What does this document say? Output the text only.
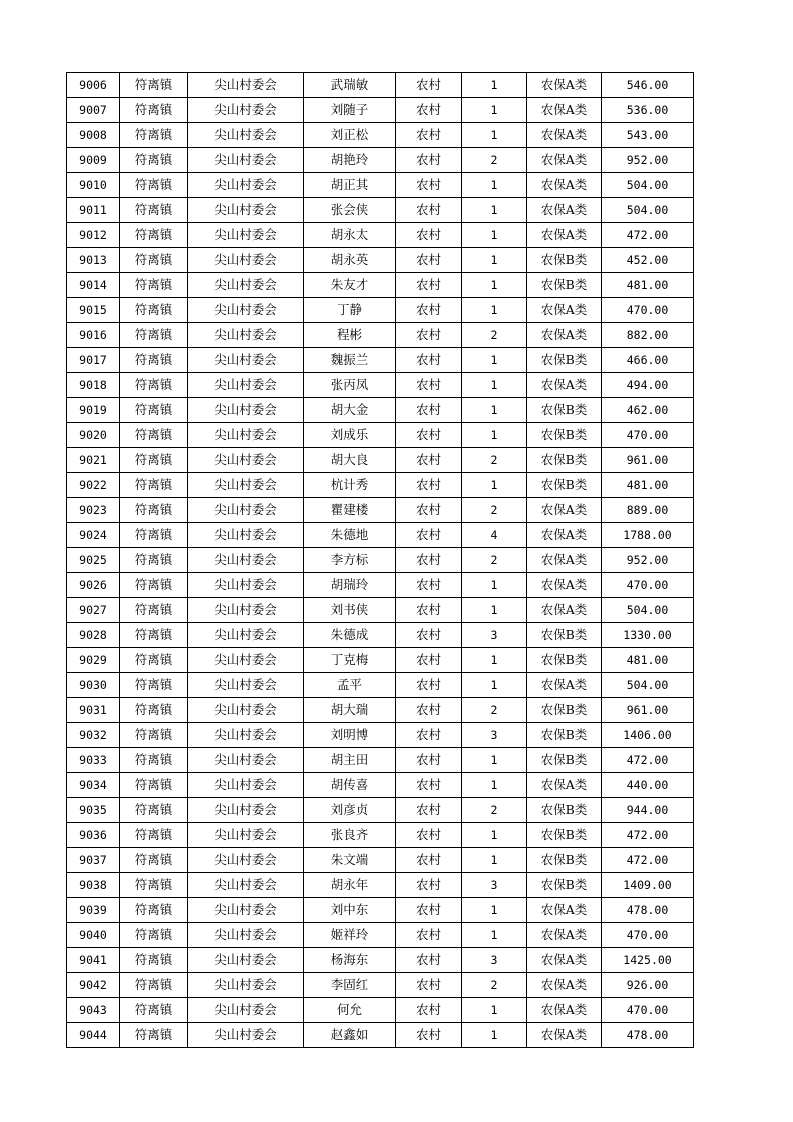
9006	符离镇	尖山村委会	武瑞敏	农村	1	农保A类	546.00
9007	符离镇	尖山村委会	刘随子	农村	1	农保A类	536.00
9008	符离镇	尖山村委会	刘正松	农村	1	农保A类	543.00
9009	符离镇	尖山村委会	胡艳玲	农村	2	农保A类	952.00
9010	符离镇	尖山村委会	胡正其	农村	1	农保A类	504.00
9011	符离镇	尖山村委会	张会侠	农村	1	农保A类	504.00
9012	符离镇	尖山村委会	胡永太	农村	1	农保A类	472.00
9013	符离镇	尖山村委会	胡永英	农村	1	农保B类	452.00
9014	符离镇	尖山村委会	朱友才	农村	1	农保B类	481.00
9015	符离镇	尖山村委会	丁静	农村	1	农保A类	470.00
9016	符离镇	尖山村委会	程彬	农村	2	农保A类	882.00
9017	符离镇	尖山村委会	魏振兰	农村	1	农保B类	466.00
9018	符离镇	尖山村委会	张丙凤	农村	1	农保A类	494.00
9019	符离镇	尖山村委会	胡大金	农村	1	农保B类	462.00
9020	符离镇	尖山村委会	刘成乐	农村	1	农保B类	470.00
9021	符离镇	尖山村委会	胡大良	农村	2	农保B类	961.00
9022	符离镇	尖山村委会	杭计秀	农村	1	农保B类	481.00
9023	符离镇	尖山村委会	瞿建楼	农村	2	农保A类	889.00
9024	符离镇	尖山村委会	朱德地	农村	4	农保A类	1788.00
9025	符离镇	尖山村委会	李方标	农村	2	农保A类	952.00
9026	符离镇	尖山村委会	胡瑞玲	农村	1	农保A类	470.00
9027	符离镇	尖山村委会	刘书侠	农村	1	农保A类	504.00
9028	符离镇	尖山村委会	朱德成	农村	3	农保B类	1330.00
9029	符离镇	尖山村委会	丁克梅	农村	1	农保B类	481.00
9030	符离镇	尖山村委会	孟平	农村	1	农保A类	504.00
9031	符离镇	尖山村委会	胡大瑞	农村	2	农保B类	961.00
9032	符离镇	尖山村委会	刘明博	农村	3	农保B类	1406.00
9033	符离镇	尖山村委会	胡主田	农村	1	农保B类	472.00
9034	符离镇	尖山村委会	胡传喜	农村	1	农保A类	440.00
9035	符离镇	尖山村委会	刘彦贞	农村	2	农保B类	944.00
9036	符离镇	尖山村委会	张良齐	农村	1	农保B类	472.00
9037	符离镇	尖山村委会	朱文端	农村	1	农保B类	472.00
9038	符离镇	尖山村委会	胡永年	农村	3	农保B类	1409.00
9039	符离镇	尖山村委会	刘中东	农村	1	农保A类	478.00
9040	符离镇	尖山村委会	姬祥玲	农村	1	农保A类	470.00
9041	符离镇	尖山村委会	杨海东	农村	3	农保A类	1425.00
9042	符离镇	尖山村委会	李固红	农村	2	农保A类	926.00
9043	符离镇	尖山村委会	何允	农村	1	农保A类	470.00
9044	符离镇	尖山村委会	赵鑫如	农村	1	农保A类	478.00
